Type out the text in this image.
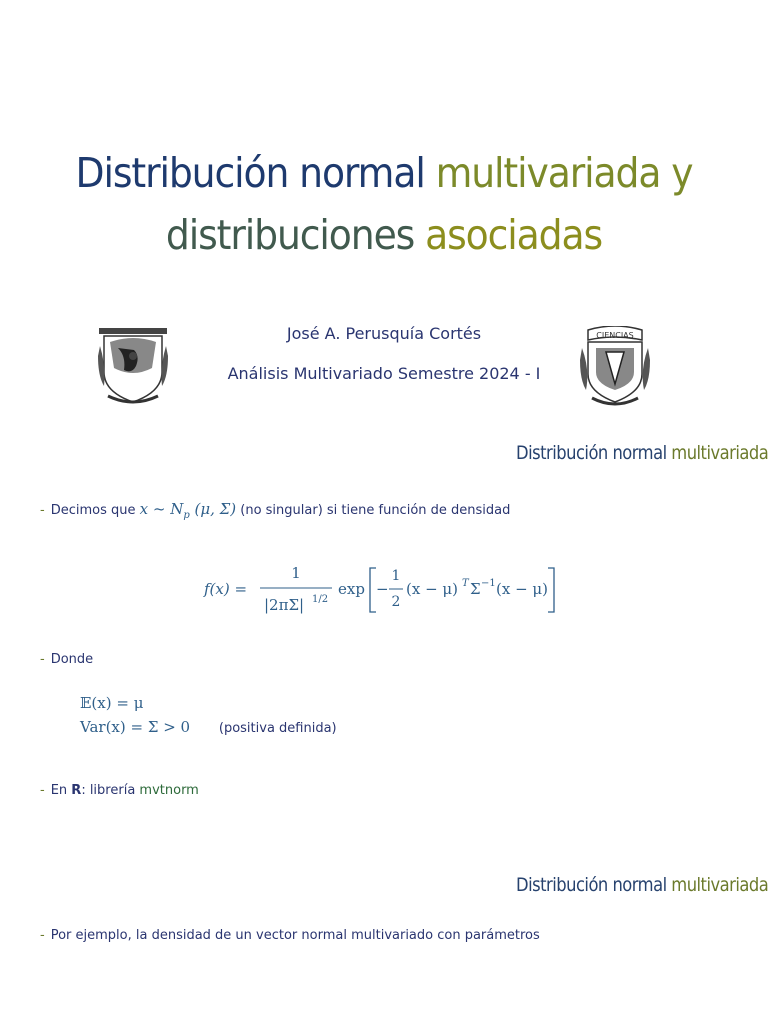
Distribución normal multivariada y
distribuciones asociadas
José A. Perusquía Cortés
Análisis Multivariado Semestre 2024 - I
CIENCIAS
Distribución normal multivariada
- Decimos que x ~ $N_p$ (μ, Σ) (no singular) si tiene función de densidad
f(x) =
1
|2πΣ| 1/2
exp −
1
2
(x − μ) T Σ −1 (x − μ)
- Donde
𝔼(x) = μ
Var(x) = Σ > 0 (positiva definida)
- En R: librería mvtnorm
Distribución normal multivariada
- Por ejemplo, la densidad de un vector normal multivariado con parámetros
